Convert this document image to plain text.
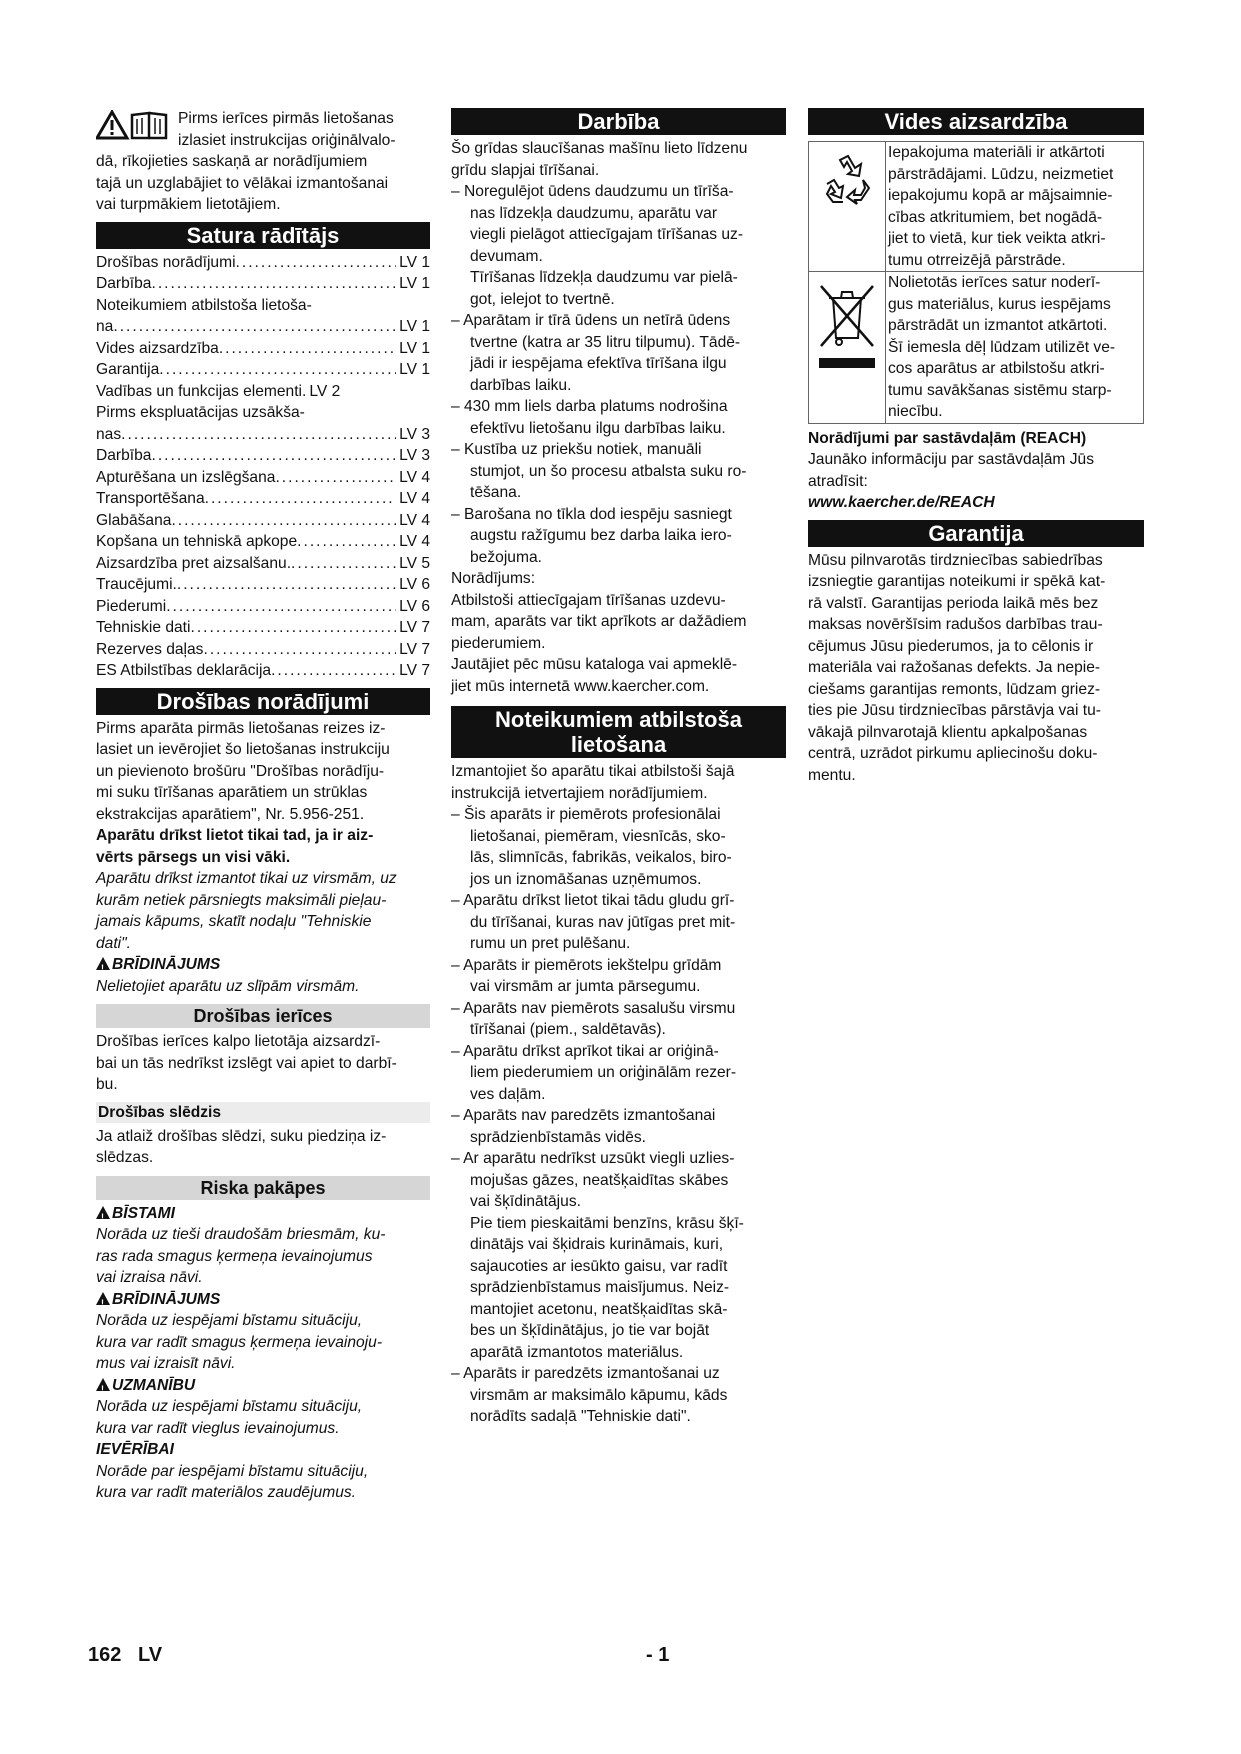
Pirms ierīces pirmās lietošanas

izlasiet instrukcijas oriģinālvalo-

dā, rīkojieties saskaņā ar norādījumiem

tajā un uzglabājiet to vēlākai izmantošanai

vai turpmākiem lietotājiem.

Satura rādītājs
Drošības norādījumi .....	LV 1
Darbība .....	LV 1
Noteikumiem atbilstoša lietoša-
na .....	LV 1
Vides aizsardzība .....	LV 1
Garantija .....	LV 1
Vadības un funkcijas elementi. LV 2
Pirms ekspluatācijas uzsākša-
nas .....	LV 3
Darbība .....	LV 3
Apturēšana un izslēgšana .....	LV 4
Transportēšana .....	LV 4
Glabāšana .....	LV 4
Kopšana un tehniskā apkope .....	LV 4
Aizsardzība pret aizsalšanu. .....	LV 5
Traucējumi. .....	LV 6
Piederumi .....	LV 6
Tehniskie dati .....	LV 7
Rezerves daļas .....	LV 7
ES Atbilstības deklarācija .....	LV 7
Drošības norādījumi

Pirms aparāta pirmās lietošanas reizes iz-

lasiet un ievērojiet šo lietošanas instrukciju

un pievienoto brošūru "Drošības norādīju-

mi suku tīrīšanas aparātiem un strūklas

ekstrakcijas aparātiem", Nr. 5.956-251.

Aparātu drīkst lietot tikai tad, ja ir aiz-

vērts pārsegs un visi vāki.

Aparātu drīkst izmantot tikai uz virsmām, uz

kurām netiek pārsniegts maksimāli pieļau-

jamais kāpums, skatīt nodaļu "Tehniskie

dati".

!BRĪDINĀJUMS

Nelietojiet aparātu uz slīpām virsmām.

Drošības ierīces

Drošības ierīces kalpo lietotāja aizsardzī-

bai un tās nedrīkst izslēgt vai apiet to darbī-

bu.

Drošības slēdzis

Ja atlaiž drošības slēdzi, suku piedziņa iz-

slēdzas.

Riska pakāpes

!BĪSTAMI

Norāda uz tieši draudošām briesmām, ku-

ras rada smagus ķermeņa ievainojumus

vai izraisa nāvi.

!BRĪDINĀJUMS

Norāda uz iespējami bīstamu situāciju,

kura var radīt smagus ķermeņa ievainoju-

mus vai izraisīt nāvi.

!UZMANĪBU

Norāda uz iespējami bīstamu situāciju,

kura var radīt vieglus ievainojumus.

IEVĒRĪBAI

Norāde par iespējami bīstamu situāciju,

kura var radīt materiālos zaudējumus.

Darbība

Šo grīdas slaucīšanas mašīnu lieto līdzenu

grīdu slapjai tīrīšanai.

– Noregulējot ūdens daudzumu un tīrīša-

nas līdzekļa daudzumu, aparātu var

viegli pielāgot attiecīgajam tīrīšanas uz-

devumam.

Tīrīšanas līdzekļa daudzumu var pielā-

got, ielejot to tvertnē.

– Aparātam ir tīrā ūdens un netīrā ūdens

tvertne (katra ar 35 litru tilpumu). Tādē-

jādi ir iespējama efektīva tīrīšana ilgu

darbības laiku.

– 430 mm liels darba platums nodrošina

efektīvu lietošanu ilgu darbības laiku.

– Kustība uz priekšu notiek, manuāli

stumjot, un šo procesu atbalsta suku ro-

tēšana.

– Barošana no tīkla dod iespēju sasniegt

augstu ražīgumu bez darba laika iero-

bežojuma.

Norādījums:

Atbilstoši attiecīgajam tīrīšanas uzdevu-

mam, aparāts var tikt aprīkots ar dažādiem

piederumiem.

Jautājiet pēc mūsu kataloga vai apmeklē-

jiet mūs internetā www.kaercher.com.

Noteikumiem atbilstoša
lietošana

Izmantojiet šo aparātu tikai atbilstoši šajā

instrukcijā ietvertajiem norādījumiem.

– Šis aparāts ir piemērots profesionālai

lietošanai, piemēram, viesnīcās, sko-

lās, slimnīcās, fabrikās, veikalos, biro-

jos un iznomāšanas uzņēmumos.

– Aparātu drīkst lietot tikai tādu gludu grī-

du tīrīšanai, kuras nav jūtīgas pret mit-

rumu un pret pulēšanu.

– Aparāts ir piemērots iekštelpu grīdām

vai virsmām ar jumta pārsegumu.

– Aparāts nav piemērots sasalušu virsmu

tīrīšanai (piem., saldētavās).

– Aparātu drīkst aprīkot tikai ar oriģinā-

liem piederumiem un oriģinālām rezer-

ves daļām.

– Aparāts nav paredzēts izmantošanai

sprādzienbīstamās vidēs.

– Ar aparātu nedrīkst uzsūkt viegli uzlies-

mojušas gāzes, neatšķaidītas skābes

vai šķīdinātājus.

Pie tiem pieskaitāmi benzīns, krāsu šķī-

dinātājs vai šķidrais kurināmais, kuri,

sajaucoties ar iesūkto gaisu, var radīt

sprādzienbīstamus maisījumus. Neiz-

mantojiet acetonu, neatšķaidītas skā-

bes un šķīdinātājus, jo tie var bojāt

aparātā izmantotos materiālus.

– Aparāts ir paredzēts izmantošanai uz

virsmām ar maksimālo kāpumu, kāds

norādīts sadaļā "Tehniskie dati".

Vides aizsardzība
Iepakojuma materiāli ir atkārtoti
pārstrādājami. Lūdzu, neizmetiet
iepakojumu kopā ar mājsaimnie-
cības atkritumiem, bet nogādā-
jiet to vietā, kur tiek veikta atkri-
tumu otrreizējā pārstrāde.
Nolietotās ierīces satur noderī-
gus materiālus, kurus iespējams
pārstrādāt un izmantot atkārtoti.
Šī iemesla dēļ lūdzam utilizēt ve-
cos aparātus ar atbilstošu atkri-
tumu savākšanas sistēmu starp-
niecību.

Norādījumi par sastāvdaļām (REACH)

Jaunāko informāciju par sastāvdaļām Jūs

atradīsit:

www.kaercher.de/REACH

Garantija

Mūsu pilnvarotās tirdzniecības sabiedrības

izsniegtie garantijas noteikumi ir spēkā kat-

rā valstī. Garantijas perioda laikā mēs bez

maksas novēršīsim radušos darbības trau-

cējumus Jūsu piederumos, ja to cēlonis ir

materiāla vai ražošanas defekts. Ja nepie-

ciešams garantijas remonts, lūdzam griez-

ties pie Jūsu tirdzniecības pārstāvja vai tu-

vākajā pilnvarotajā klientu apkalpošanas

centrā, uzrādot pirkumu apliecinošu doku-

mentu.

162 LV	- 1
